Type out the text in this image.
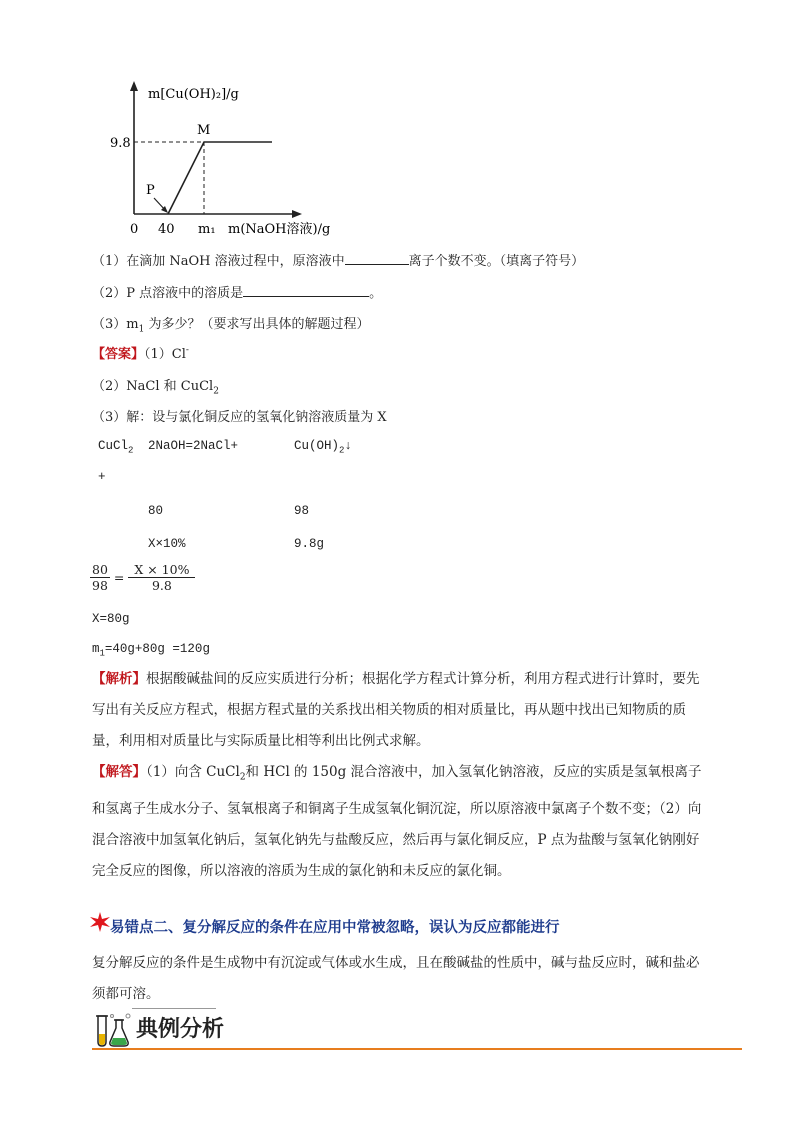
m[Cu(OH)₂]/g
9.8
M
P
0 40 m₁ m(NaOH溶液)/g
（1）在滴加 NaOH 溶液过程中，原溶液中	离子个数不变。（填离子符号）
（2）P 点溶液中的溶质是	。
$(3)m_1$ 为多少？（要求写出具体的解题过程）
【答案】（1）Cl-
（2）NaCl 和 CuCl$_2$
（3）解：设与氯化铜反应的氢氧化钠溶液质量为 X
CuCl$_2$ 2NaOH=2NaCl+	$Cu(OH)_2↓$
+
80	98
X×10%	9.8g
$\frac{80}{98} = \frac{X \times 10\%}{9.8}$
X=80g
$m_1=40g+80g =120g$
【解析】根据酸碱盐间的反应实质进行分析；根据化学方程式计算分析，利用方程式进行计算时，要先写出有关反应方程式，根据方程式量的关系找出相关物质的相对质量比，再从题中找出已知物质的质量，利用相对质量比与实际质量比相等利出比例式求解。
【解答】（1）向含 CuCl$_2$和 HCl 的 150g 混合溶液中，加入氢氧化钠溶液，反应的实质是氢氧根离子和氢离子生成水分子、氢氧根离子和铜离子生成氢氧化铜沉淀，所以原溶液中氯离子个数不变；（2）向混合溶液中加氢氧化钠后，氢氧化钠先与盐酸反应，然后再与氯化铜反应，P 点为盐酸与氢氧化钠刚好完全反应的图像，所以溶液的溶质为生成的氯化钠和未反应的氯化铜。
易错点二、复分解反应的条件在应用中常被忽略，误认为反应都能进行
复分解反应的条件是生成物中有沉淀或气体或水生成，且在酸碱盐的性质中，碱与盐反应时，碱和盐必须都可溶。
典例分析
